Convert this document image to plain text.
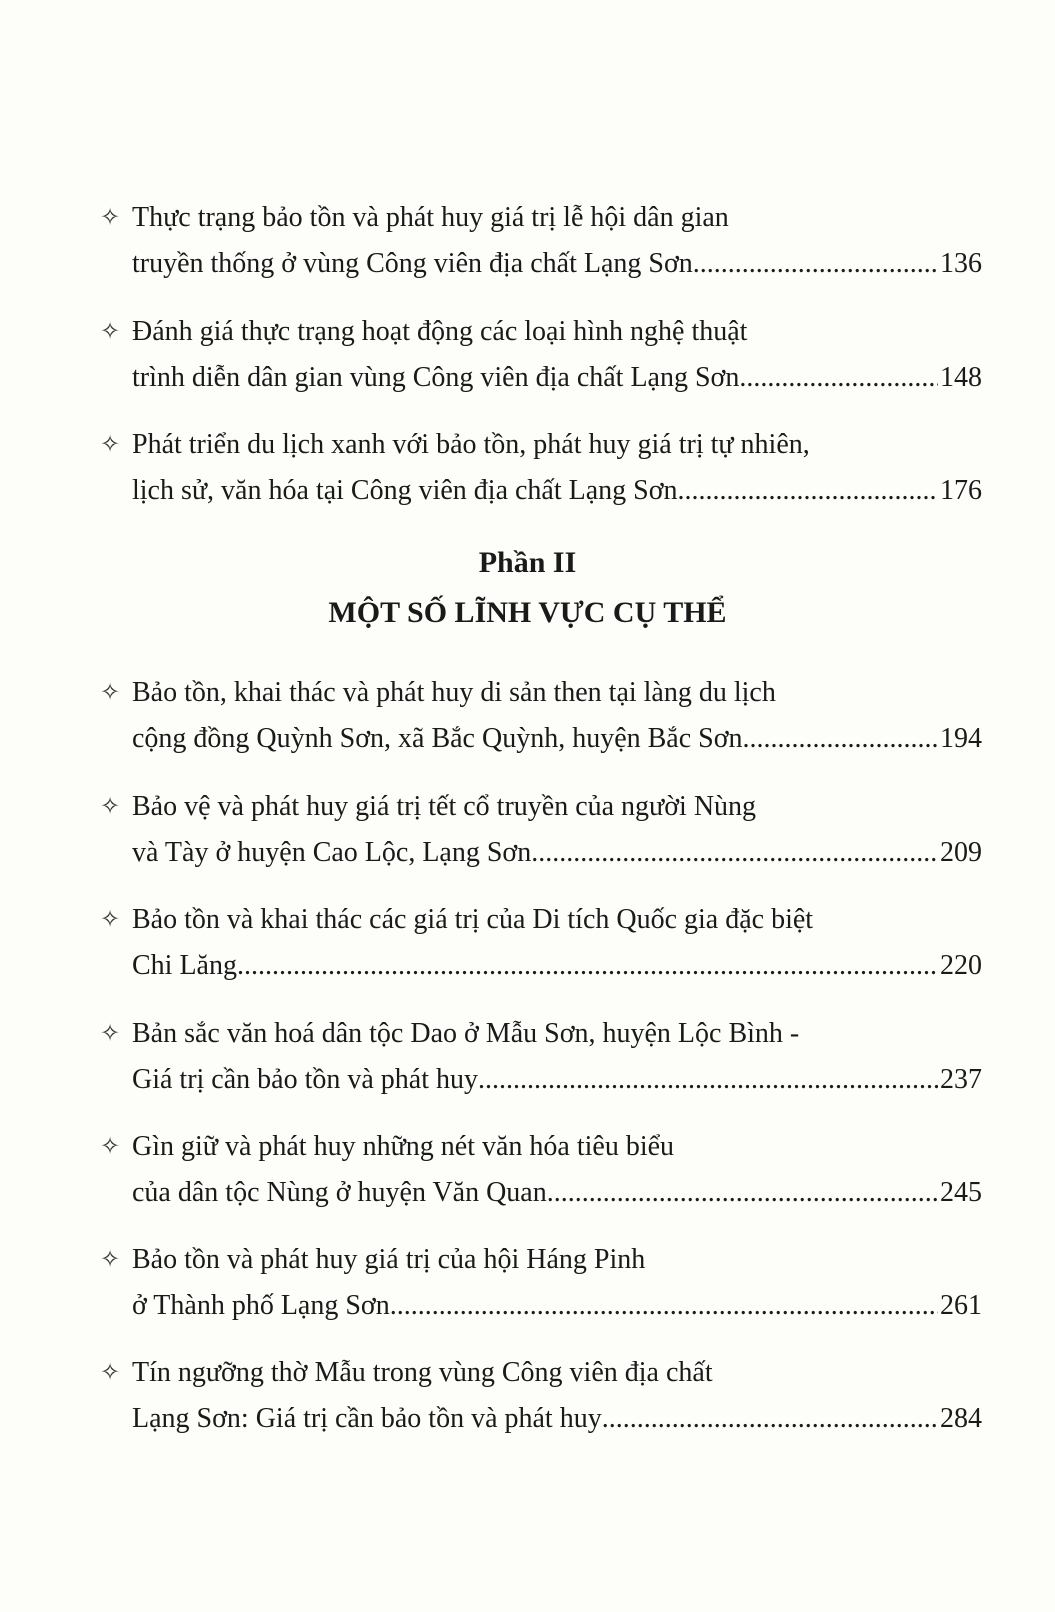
Phần II
MỘT SỐ LĨNH VỰC CỤ THỂ
✧ Thực trạng bảo tồn và phát huy giá trị lễ hội dân gian
truyền thống ở vùng Công viên địa chất Lạng Sơn .....	136
✧ Đánh giá thực trạng hoạt động các loại hình nghệ thuật
trình diễn dân gian vùng Công viên địa chất Lạng Sơn .....	148
✧ Phát triển du lịch xanh với bảo tồn, phát huy giá trị tự nhiên,
lịch sử, văn hóa tại Công viên địa chất Lạng Sơn .....	176
✧ Bảo tồn, khai thác và phát huy di sản then tại làng du lịch
cộng đồng Quỳnh Sơn, xã Bắc Quỳnh, huyện Bắc Sơn .....	194
✧ Bảo vệ và phát huy giá trị tết cổ truyền của người Nùng
và Tày ở huyện Cao Lộc, Lạng Sơn .....	209
✧ Bảo tồn và khai thác các giá trị của Di tích Quốc gia đặc biệt
Chi Lăng .....	220
✧ Bản sắc văn hoá dân tộc Dao ở Mẫu Sơn, huyện Lộc Bình -
Giá trị cần bảo tồn và phát huy .....	237
✧ Gìn giữ và phát huy những nét văn hóa tiêu biểu
của dân tộc Nùng ở huyện Văn Quan .....	245
✧ Bảo tồn và phát huy giá trị của hội Háng Pinh
ở Thành phố Lạng Sơn .....	261
✧ Tín ngưỡng thờ Mẫu trong vùng Công viên địa chất
Lạng Sơn: Giá trị cần bảo tồn và phát huy .....	284
